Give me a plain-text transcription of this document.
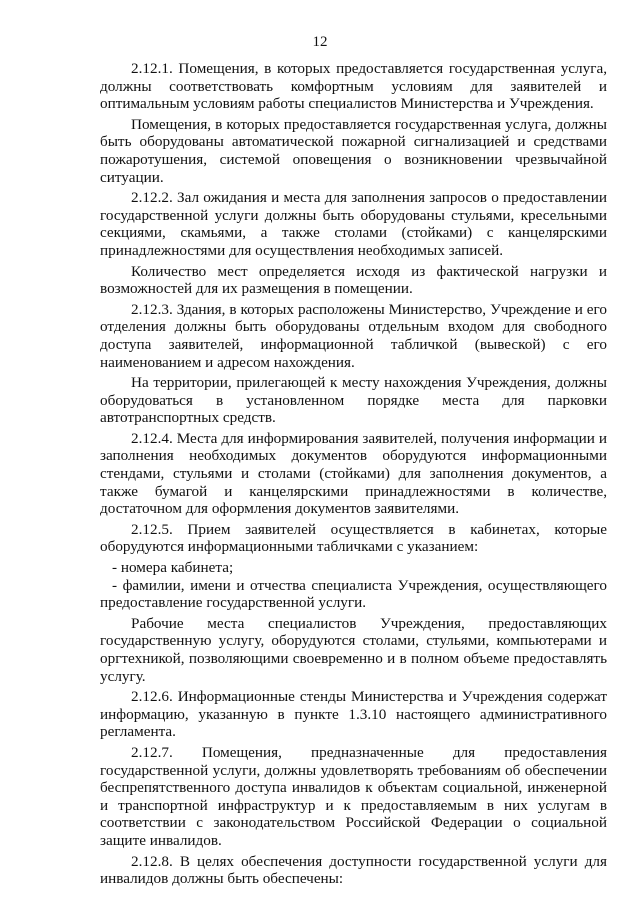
12

2.12.1. Помещения, в которых предоставляется государственная услуга, должны соответствовать комфортным условиям для заявителей и оптимальным условиям работы специалистов Министерства и Учреждения.

Помещения, в которых предоставляется государственная услуга, должны быть оборудованы автоматической пожарной сигнализацией и средствами пожаротушения, системой оповещения о возникновении чрезвычайной ситуации.

2.12.2. Зал ожидания и места для заполнения запросов о предоставлении государственной услуги должны быть оборудованы стульями, кресельными секциями, скамьями, а также столами (стойками) с канцелярскими принадлежностями для осуществления необходимых записей.

Количество мест определяется исходя из фактической нагрузки и возможностей для их размещения в помещении.

2.12.3. Здания, в которых расположены Министерство, Учреждение и его отделения должны быть оборудованы отдельным входом для свободного доступа заявителей, информационной табличкой (вывеской) с его наименованием и адресом нахождения.

На территории, прилегающей к месту нахождения Учреждения, должны оборудоваться в установленном порядке места для парковки автотранспортных средств.

2.12.4. Места для информирования заявителей, получения информации и заполнения необходимых документов оборудуются информационными стендами, стульями и столами (стойками) для заполнения документов, а также бумагой и канцелярскими принадлежностями в количестве, достаточном для оформления документов заявителями.

2.12.5. Прием заявителей осуществляется в кабинетах, которые оборудуются информационными табличками с указанием:

- номера кабинета;

- фамилии, имени и отчества специалиста Учреждения, осуществляющего предоставление государственной услуги.

Рабочие места специалистов Учреждения, предоставляющих государственную услугу, оборудуются столами, стульями, компьютерами и оргтехникой, позволяющими своевременно и в полном объеме предоставлять услугу.

2.12.6. Информационные стенды Министерства и Учреждения содержат информацию, указанную в пункте 1.3.10 настоящего административного регламента.

2.12.7. Помещения, предназначенные для предоставления государственной услуги, должны удовлетворять требованиям об обеспечении беспрепятственного доступа инвалидов к объектам социальной, инженерной и транспортной инфраструктур и к предоставляемым в них услугам в соответствии с законодательством Российской Федерации о социальной защите инвалидов.

2.12.8. В целях обеспечения доступности государственной услуги для инвалидов должны быть обеспечены:
